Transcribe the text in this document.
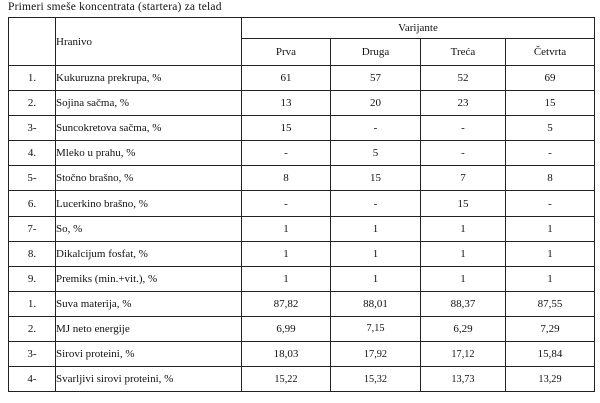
Primeri smeše koncentrata (startera) za telad
	Hranivo	Varijante			
		Prva	Druga	Treća	Četvrta
1.	Kukuruzna prekrupa, %	61	57	52	69
2.	Sojina sačma, %	13	20	23	15
3-	Suncokretova sačma, %	15	-	-	5
4.	Mleko u prahu, %	-	5	-	-
5-	Stočno brašno, %	8	15	7	8
6.	Lucerkino brašno, %	-	-	15	-
7-	So, %	1	1	1	1
8.	Dikalcijum fosfat, %	1	1	1	1
9.	Premiks (min.+vit.), %	1	1	1	1
1.	Suva materija, %	87,82	88,01	88,37	87,55
2.	MJ neto energije	6,99	7,15	6,29	7,29
3-	Sirovi proteini, %	18,03	17,92	17,12	15,84
4-	Svarljivi sirovi proteini, %	15,22	15,32	13,73	13,29
